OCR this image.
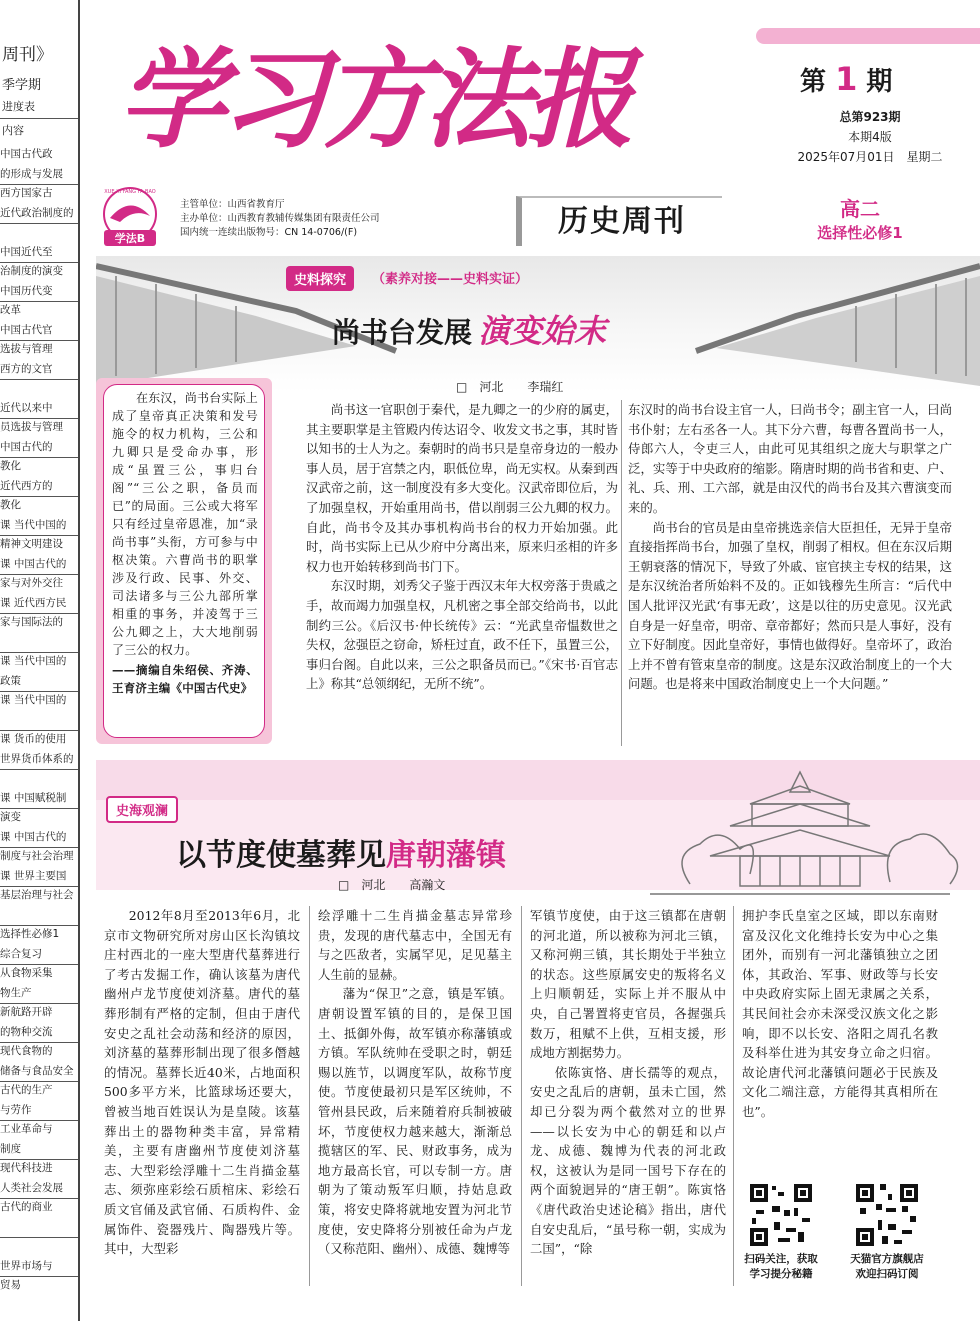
周刊》
季学期
进度表
内容
中国古代政
的形成与发展
西方国家古
近代政治制度的
中国近代至
治制度的演变
中国历代变
改革
中国古代官
选拔与管理
西方的文官
近代以来中
员选拔与管理
中国古代的
教化
近代西方的
教化
课 当代中国的
精神文明建设
课 中国古代的
家与对外交往
课 近代西方民
家与国际法的
课 当代中国的
政策
课 当代中国的
课 货币的使用
世界货币体系的
课 中国赋税制
演变
课 中国古代的
制度与社会治理
课 世界主要国
基层治理与社会
选择性必修1
综合复习
从食物采集
物生产
新航路开辟
的物种交流
现代食物的
储备与食品安全
古代的生产
与劳作
工业革命与
制度
现代科技进
人类社会发展
古代的商业
世界市场与
贸易
学习方法报	第 1 期
总第923期
本期4版
2025年07月01日　星期二
学法B
XUE XI FANG FA BAO
主管单位：山西省教育厅
主办单位：山西教育教辅传媒集团有限责任公司
国内统一连续出版物号：CN 14-0706/(F)	历史周刊	高二
选择性必修1
史料探究	（素养对接——史料实证）
尚书台发展 演变始末
□　河北　　李瑞红
在东汉，尚书台实际上成了皇帝真正决策和发号施令的权力机构，三公和九卿只是受命办事，形成“虽置三公，事归台阁”“三公之职，备员而已”的局面。三公或大将军只有经过皇帝恩准，加“录尚书事”头衔，方可参与中枢决策。六曹尚书的职掌涉及行政、民事、外交、司法诸多与三公九部所掌相重的事务，并凌驾于三公九卿之上，大大地削弱了三公的权力。
——摘编自朱绍侯、齐涛、王育济主编《中国古代史》

尚书这一官职创于秦代，是九卿之一的少府的属吏，其主要职掌是主管殿内传达诏令、收发文书之事，其时皆以知书的士人为之。秦朝时的尚书只是皇帝身边的一般办事人员，居于宫禁之内，职低位卑，尚无实权。从秦到西汉武帝之前，这一制度没有多大变化。汉武帝即位后，为了加强皇权，开始重用尚书，借以削弱三公九卿的权力。自此，尚书令及其办事机构尚书台的权力开始加强。此时，尚书实际上已从少府中分离出来，原来归丞相的许多权力也开始转移到尚书门下。

东汉时期，刘秀父子鉴于西汉末年大权旁落于贵戚之手，故而竭力加强皇权，凡机密之事全部交给尚书，以此制约三公。《后汉书·仲长统传》云：“光武皇帝愠数世之失权，忿强臣之窃命，矫枉过直，政不任下，虽置三公，事归台阁。自此以来，三公之职备员而已。”《宋书·百官志上》称其“总领纲纪，无所不统”。

东汉时的尚书台设主官一人，曰尚书令；副主官一人，曰尚书仆射；左右丞各一人。其下分六曹，每曹各置尚书一人，侍郎六人，令吏三人，由此可见其组织之庞大与职掌之广泛，实等于中央政府的缩影。隋唐时期的尚书省和吏、户、礼、兵、刑、工六部，就是由汉代的尚书台及其六曹演变而来的。

尚书台的官员是由皇帝挑选亲信大臣担任，无异于皇帝直接指挥尚书台，加强了皇权，削弱了相权。但在东汉后期王朝衰落的情况下，导致了外戚、宦官挟主专权的结果，这是东汉统治者所始料不及的。正如钱穆先生所言：“后代中国人批评汉光武‘有事无政’，这是以往的历史意见。汉光武自身是一好皇帝，明帝、章帝都好；然而只是人事好，没有立下好制度。因此皇帝好，事情也做得好。皇帝坏了，政治上并不曾有管束皇帝的制度。这是东汉政治制度上的一个大问题。也是将来中国政治制度史上一个大问题。”

史海观澜
以节度使墓葬见唐朝藩镇
□　河北　　高瀚文

2012年8月至2013年6月，北京市文物研究所对房山区长沟镇坟庄村西北的一座大型唐代墓葬进行了考古发掘工作，确认该墓为唐代幽州卢龙节度使刘济墓。唐代的墓葬形制有严格的定制，但由于唐代安史之乱社会动荡和经济的原因，刘济墓的墓葬形制出现了很多僭越的情况。墓葬长近40米，占地面积500多平方米，比篮球场还要大，曾被当地百姓误认为是皇陵。该墓葬出土的器物种类丰富，异常精美，主要有唐幽州节度使刘济墓志、大型彩绘浮雕十二生肖描金墓志、须弥座彩绘石质棺床、彩绘石质文官俑及武官俑、石质构件、金属饰件、瓷器残片、陶器残片等。其中，大型彩

绘浮雕十二生肖描金墓志异常珍贵，发现的唐代墓志中，全国无有与之匹敌者，实属罕见，足见墓主人生前的显赫。

藩为“保卫”之意，镇是军镇。唐朝设置军镇的目的，是保卫国土、抵御外侮，故军镇亦称藩镇或方镇。军队统帅在受职之时，朝廷赐以旌节，以调度军队，故称节度使。节度使最初只是军区统帅，不管州县民政，后来随着府兵制被破坏，节度使权力越来越大，渐渐总揽辖区的军、民、财政事务，成为地方最高长官，可以专制一方。唐朝为了策动叛军归顺，持姑息政策，将安史降将就地安置为河北节度使，安史降将分别被任命为卢龙（又称范阳、幽州）、成德、魏博等

军镇节度使，由于这三镇都在唐朝的河北道，所以被称为河北三镇，又称河朔三镇，其长期处于半独立的状态。这些原属安史的叛将名义上归顺朝廷，实际上并不服从中央，自己署置将吏官员，各握强兵数万，租赋不上供，互相支援，形成地方割据势力。

依陈寅恪、唐长孺等的观点，安史之乱后的唐朝，虽未亡国，然却已分裂为两个截然对立的世界——以长安为中心的朝廷和以卢龙、成德、魏博为代表的河北政权，这被认为是同一国号下存在的两个面貌迥异的“唐王朝”。陈寅恪《唐代政治史述论稿》指出，唐代自安史乱后，“虽号称一朝，实成为二国”，“除

拥护李氏皇室之区域，即以东南财富及汉化文化维持长安为中心之集团外，而别有一河北藩镇独立之团体，其政治、军事、财政等与长安中央政府实际上固无隶属之关系，其民间社会亦未深受汉族文化之影响，即不以长安、洛阳之周孔名教及科举仕进为其安身立命之归宿。故论唐代河北藩镇问题必于民族及文化二端注意，方能得其真相所在也”。

扫码关注，获取
学习提分秘籍
天猫官方旗舰店
欢迎扫码订阅
